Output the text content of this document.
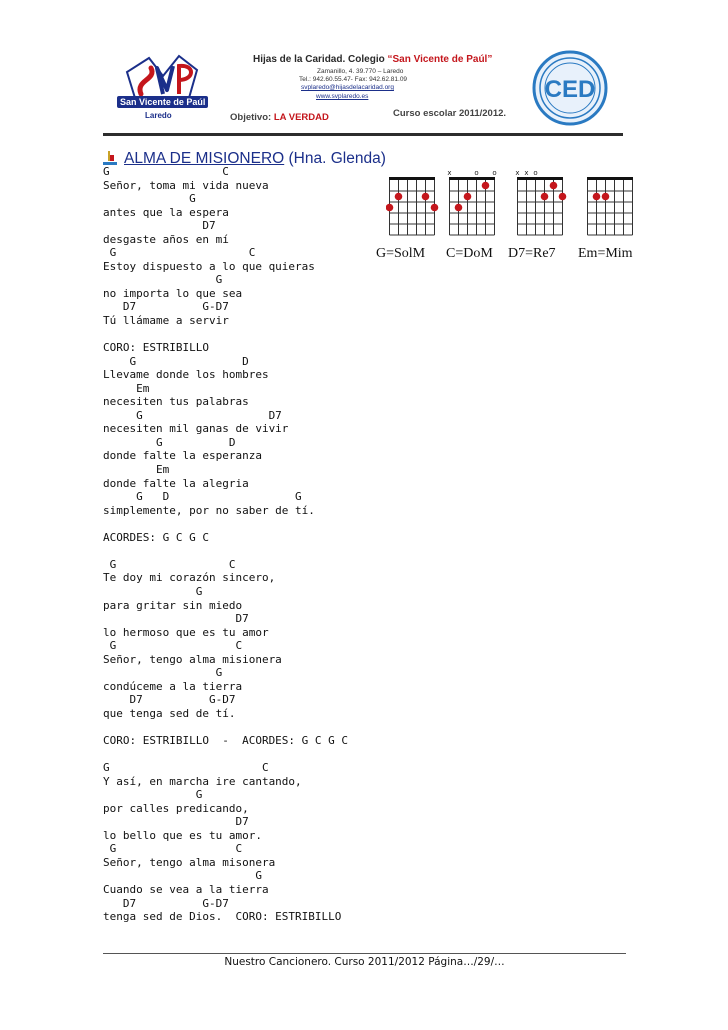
San Vicente de Paúl
Laredo
Hijas de la Caridad. Colegio “San Vicente de Paúl”
Zamanillo, 4. 39.770 – Laredo
Tel.: 942.60.55.47- Fax: 942.62.81.09
svplaredo@hijasdelacaridad.org
www.svplaredo.es
Objetivo: LA VERDAD	Curso escolar 2011/2012.
CED
ALMA DE MISIONERO (Hna. Glenda)
G                 C
Señor, toma mi vida nueva
G
antes que la espera
D7
desgaste años en mí
G                    C
Estoy dispuesto a lo que quieras
G
no importa lo que sea
D7          G-D7
Tú llámame a servir

CORO: ESTRIBILLO
G                D
Llevame donde los hombres
Em
necesiten tus palabras
G                   D7
necesiten mil ganas de vivir
G          D
donde falte la esperanza
Em
donde falte la alegria
G   D                   G
simplemente, por no saber de tí.

ACORDES: G C G C

G                 C
Te doy mi corazón sincero,
G
para gritar sin miedo
D7
lo hermoso que es tu amor
G                  C
Señor, tengo alma misionera
G
condúceme a la tierra
D7          G-D7
que tenga sed de tí.

CORO: ESTRIBILLO  -  ACORDES: G C G C

G                       C
Y así, en marcha ire cantando,
G
por calles predicando,
D7
lo bello que es tu amor.
G                  C
Señor, tengo alma misonera
G
Cuando se vea a la tierra
D7          G-D7
tenga sed de Dios.  CORO: ESTRIBILLO
G=SolM
x	o o
C=DoM
x x o
D7=Re7 Em=Mim
Nuestro Cancionero. Curso 2011/2012 Página…/29/…
